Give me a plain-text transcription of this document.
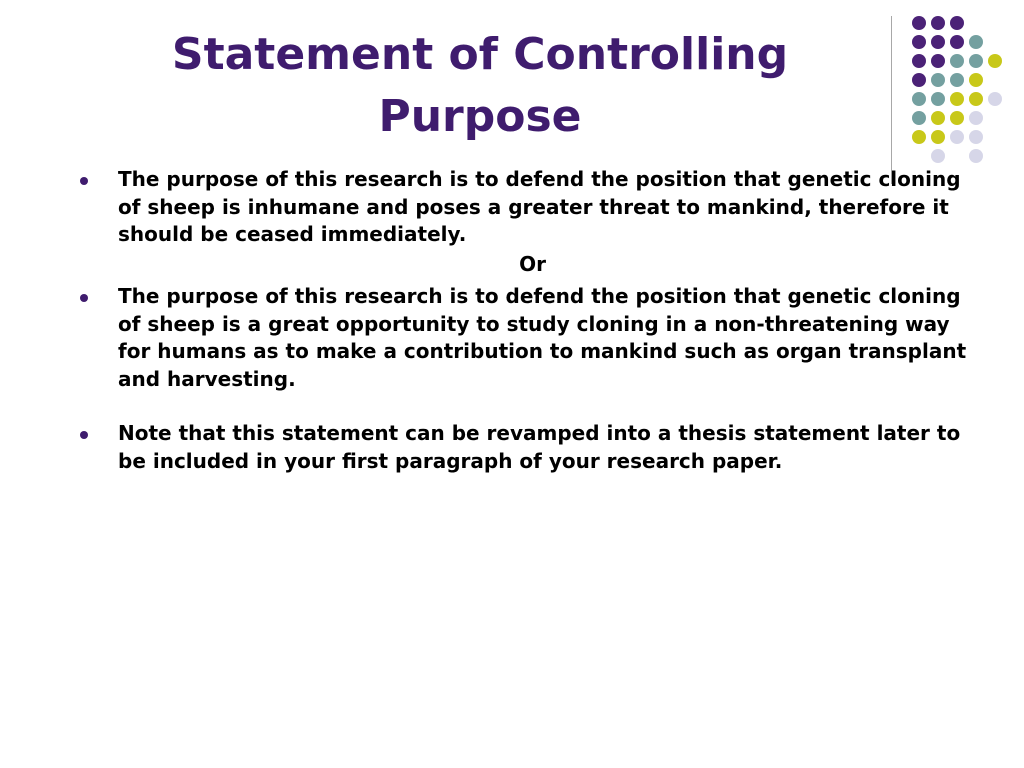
Statement of Controlling
Purpose

The purpose of this research is to defend the position that genetic cloning of sheep is inhumane and poses a greater threat to mankind, therefore it should be ceased immediately.

Or

The purpose of this research is to defend the position that genetic cloning of sheep is a great opportunity to study cloning in a non-threatening way for humans as to make a contribution to mankind such as organ transplant and harvesting.

Note that this statement can be revamped into a thesis statement later to be included in your first paragraph of your research paper.
